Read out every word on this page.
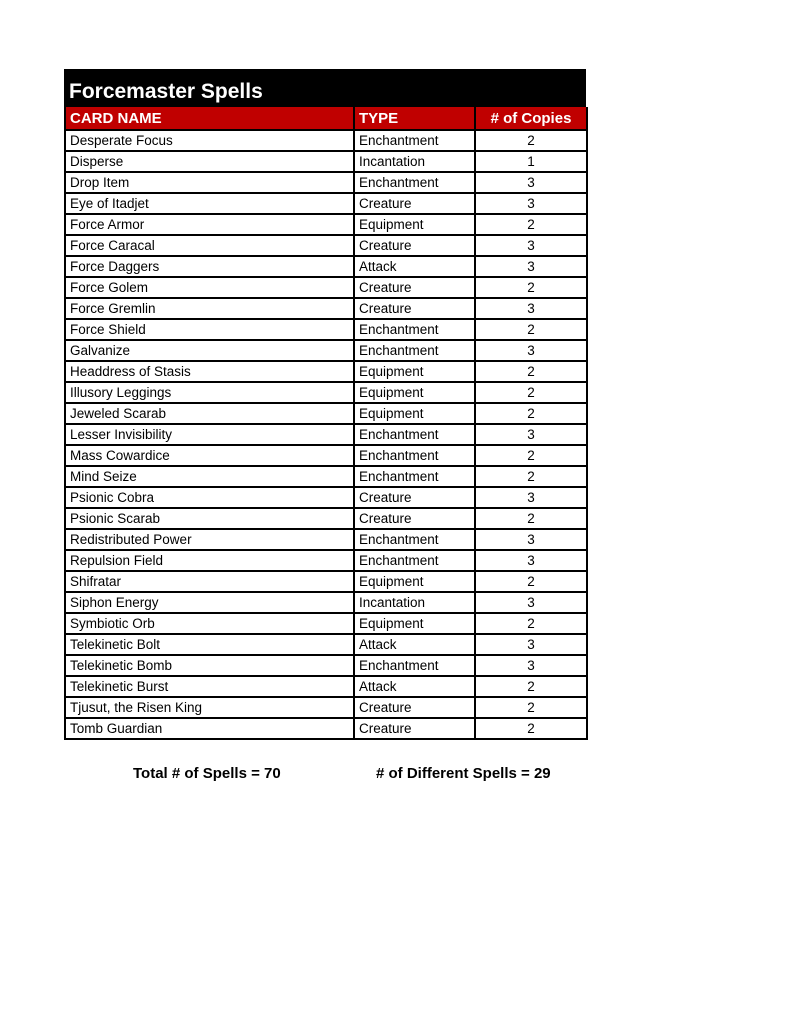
Forcemaster Spells
CARD NAME	TYPE	# of Copies
Desperate Focus	Enchantment	2
Disperse	Incantation	1
Drop Item	Enchantment	3
Eye of Itadjet	Creature	3
Force Armor	Equipment	2
Force Caracal	Creature	3
Force Daggers	Attack	3
Force Golem	Creature	2
Force Gremlin	Creature	3
Force Shield	Enchantment	2
Galvanize	Enchantment	3
Headdress of Stasis	Equipment	2
Illusory Leggings	Equipment	2
Jeweled Scarab	Equipment	2
Lesser Invisibility	Enchantment	3
Mass Cowardice	Enchantment	2
Mind Seize	Enchantment	2
Psionic Cobra	Creature	3
Psionic Scarab	Creature	2
Redistributed Power	Enchantment	3
Repulsion Field	Enchantment	3
Shifratar	Equipment	2
Siphon Energy	Incantation	3
Symbiotic Orb	Equipment	2
Telekinetic Bolt	Attack	3
Telekinetic Bomb	Enchantment	3
Telekinetic Burst	Attack	2
Tjusut, the Risen King	Creature	2
Tomb Guardian	Creature	2
Total # of Spells = 70	# of Different Spells = 29
